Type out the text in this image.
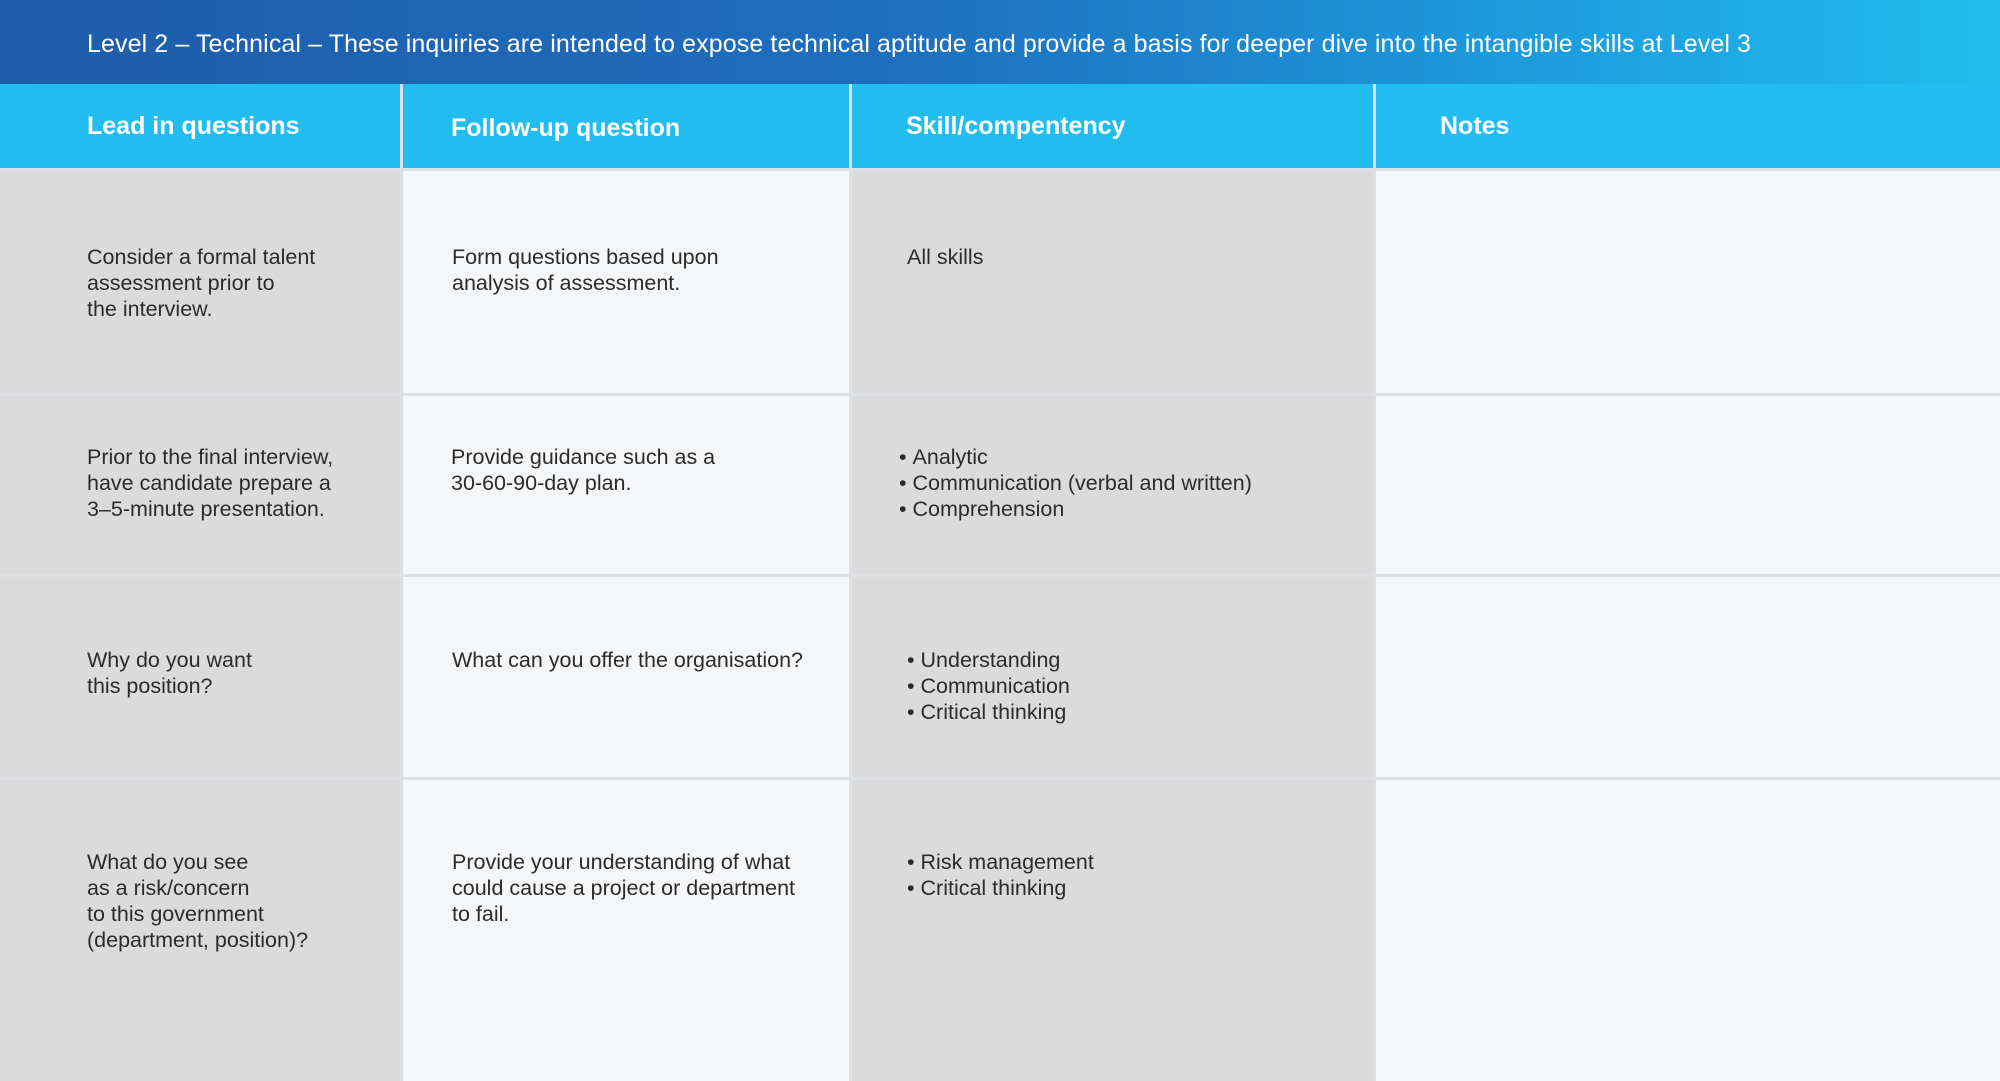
Level 2 – Technical – These inquiries are intended to expose technical aptitude and provide a basis for deeper dive into the intangible skills at Level 3
Lead in questions	Follow-up question	Skill/compentency	Notes
Consider a formal talent
assessment prior to
the interview.
Form questions based upon
analysis of assessment.
All skills
Prior to the final interview,
have candidate prepare a
3–5-minute presentation.
Provide guidance such as a
30-60-90-day plan.
• Analytic
• Communication (verbal and written)
• Comprehension
Why do you want
this position?
What can you offer the organisation?
•	Understanding
• Communication
• Critical thinking
What do you see
as a risk/concern
to this government
(department, position)?
Provide your understanding of what
could cause a project or department
to fail.
• Risk management
• Critical thinking
